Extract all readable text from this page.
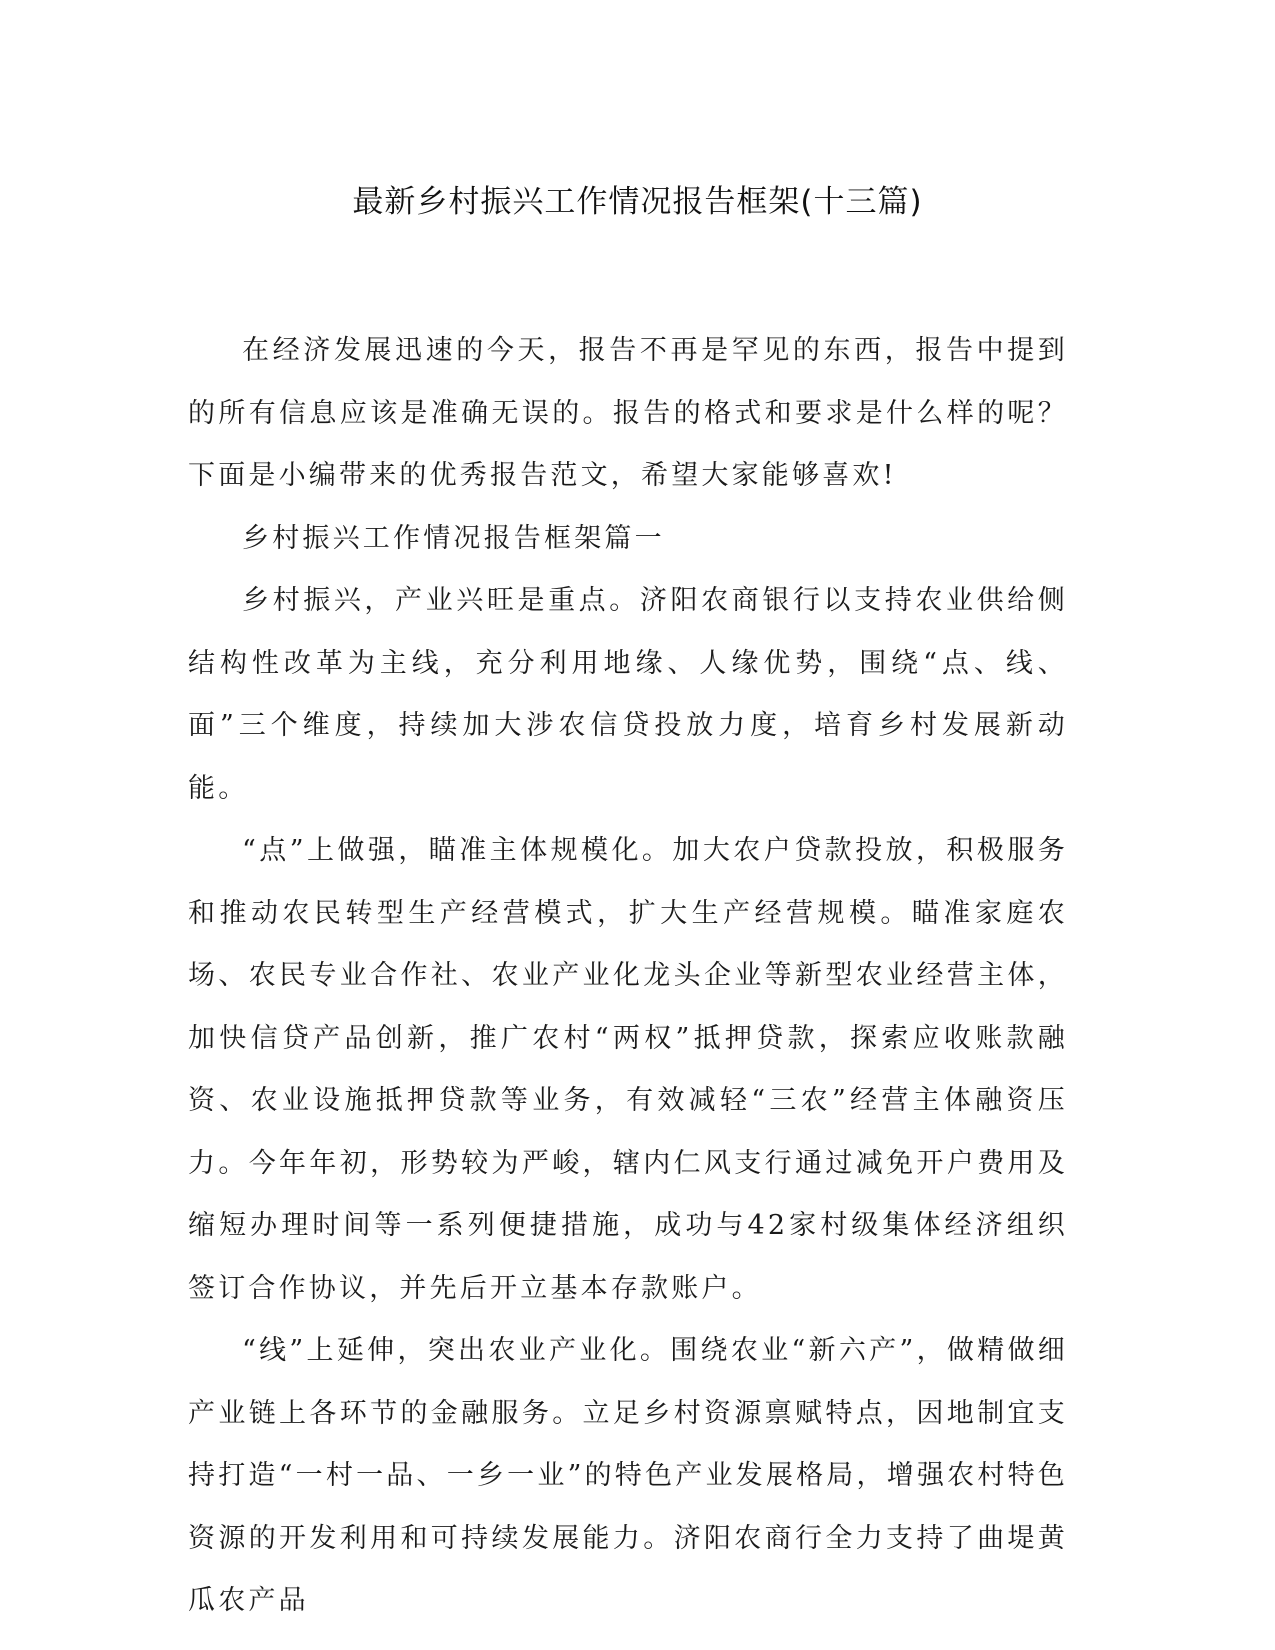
最新乡村振兴工作情况报告框架(十三篇)

在经济发展迅速的今天，报告不再是罕见的东西，报告中提到的所有信息应该是准确无误的。报告的格式和要求是什么样的呢？下面是小编带来的优秀报告范文，希望大家能够喜欢!

乡村振兴工作情况报告框架篇一

乡村振兴，产业兴旺是重点。济阳农商银行以支持农业供给侧结构性改革为主线，充分利用地缘、人缘优势，围绕“点、线、面”三个维度，持续加大涉农信贷投放力度，培育乡村发展新动能。

“点”上做强，瞄准主体规模化。加大农户贷款投放，积极服务和推动农民转型生产经营模式，扩大生产经营规模。瞄准家庭农场、农民专业合作社、农业产业化龙头企业等新型农业经营主体，加快信贷产品创新，推广农村“两权”抵押贷款，探索应收账款融资、农业设施抵押贷款等业务，有效减轻“三农”经营主体融资压力。今年年初，形势较为严峻，辖内仁风支行通过减免开户费用及缩短办理时间等一系列便捷措施，成功与42家村级集体经济组织签订合作协议，并先后开立基本存款账户。

“线”上延伸，突出农业产业化。围绕农业“新六产”，做精做细产业链上各环节的金融服务。立足乡村资源禀赋特点，因地制宜支持打造“一村一品、一乡一业”的特色产业发展格局，增强农村特色资源的开发利用和可持续发展能力。济阳农商行全力支持了曲堤黄瓜农产品
